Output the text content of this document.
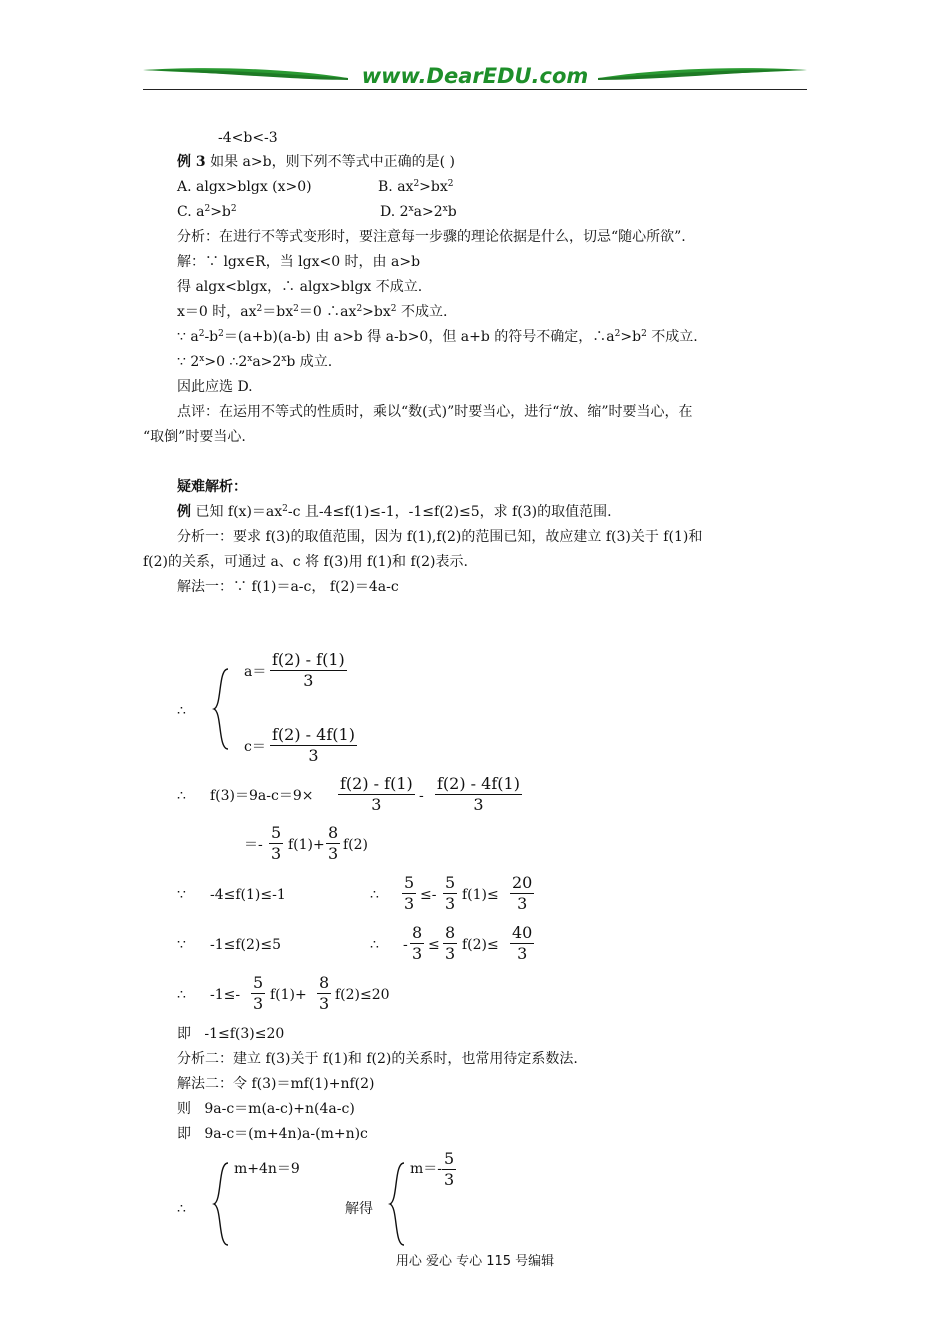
www.DearEDU.com
-4<b<-3
例 3 如果 a>b，则下列不等式中正确的是( )
A. algx>blgx (x>0)	B. $ax^2>bx^2$
C. $a^2>b^2$	D. $2^xa>2^xb$
分析：在进行不等式变形时，要注意每一步骤的理论依据是什么，切忌“随心所欲”.
解：∵ lgx∈R，当 lgx<0 时，由 a>b
得 algx<blgx，∴ algx>blgx 不成立.
x＝0 时，$ax^2=bx^2=0$ $\therefore ax^2>bx^2$ 不成立.
∵ $a^2-b^2=(a+b)(a-b)$ 由 a>b 得 a-b>0，但 a+b 的符号不确定，$\therefore a^2>b^2$ 不成立.
∵ $2^x>0$ $\therefore 2^xa>2^xb$ 成立.
因此应选 D.
点评：在运用不等式的性质时，乘以“数(式)”时要当心，进行“放、缩”时要当心，在
“取倒”时要当心.
疑难解析：
例 已知 $f(x)=ax^2-c$ 且-4≤f(1)≤-1，-1≤f(2)≤5，求 f(3)的取值范围.
分析一：要求 f(3)的取值范围，因为 f(1),f(2)的范围已知，故应建立 f(3)关于 f(1)和
f(2)的关系，可通过 a、c 将 f(3)用 f(1)和 f(2)表示.
解法一：∵ f(1)＝a-c， f(2)＝4a-c
∴
$a= \frac{f(2) - f(1)}{3}$
$c= \frac{f(2) - 4f(1)}{3}$
∴ $f(3)=9a-c=9\times \frac{f(2) - f(1)}{3} - \frac{f(2) - 4f(1)}{3}$
＝- $\frac{5}{3} f(1)+ \frac{8}{3} f(2)$
∵ -4≤f(1)≤-1	∴ $\frac{5}{3} \le- \frac{5}{3} f(1)\le \frac{20}{3}$
∵ -1≤f(2)≤5	∴ - $\frac{8}{3} \le \frac{8}{3} f(2)\le \frac{40}{3}$
∴ $-1\le- \frac{5}{3} f(1)+ \frac{8}{3} f(2)\le 20$
即 -1≤f(3)≤20
分析二：建立 f(3)关于 f(1)和 f(2)的关系时，也常用待定系数法.
解法二：令 f(3)＝mf(1)+nf(2)
则 9a-c＝m(a-c)+n(4a-c)
即 9a-c＝(m+4n)a-(m+n)c
∴
m+4n＝9
解得
$m=- \frac{5}{3}$
用心 爱心 专心 115 号编辑
